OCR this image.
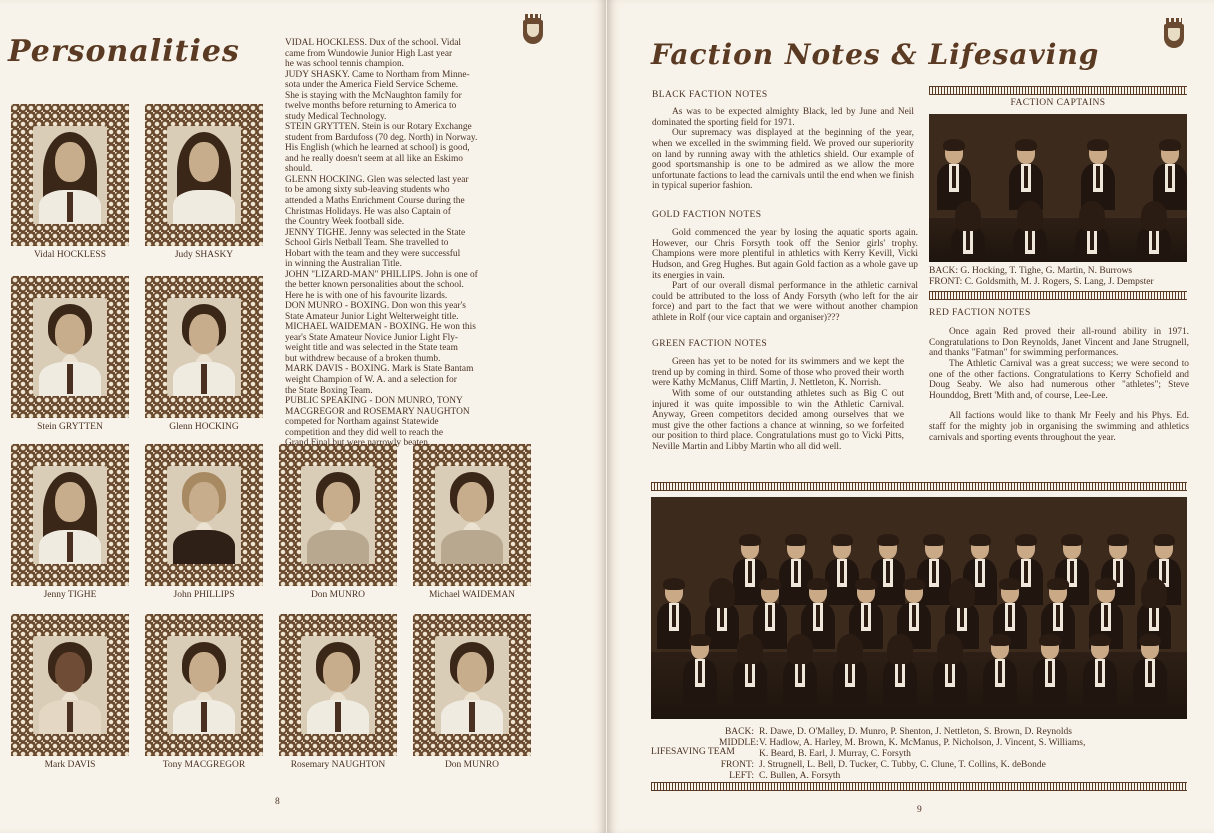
Personalities
Vidal HOCKLESS	Judy SHASKY
Stein GRYTTEN	Glenn HOCKING
Jenny TIGHE	John PHILLIPS	Don MUNRO	Michael WAIDEMAN
Mark DAVIS	Tony MACGREGOR	Rosemary NAUGHTON	Don MUNRO
VIDAL HOCKLESS. Dux of the school. Vidal
came from Wundowie Junior High Last year
he was school tennis champion.
JUDY SHASKY. Came to Northam from Minne-
sota under the America Field Service Scheme.
She is staying with the McNaughton family for
twelve months before returning to America to
study Medical Technology.
STEIN GRYTTEN. Stein is our Rotary Exchange
student from Bardufoss (70 deg. North) in Norway.
His English (which he learned at school) is good,
and he really doesn't seem at all like an Eskimo
should.
GLENN HOCKING. Glen was selected last year
to be among sixty sub-leaving students who
attended a Maths Enrichment Course during the
Christmas Holidays. He was also Captain of
the Country Week football side.
JENNY TIGHE. Jenny was selected in the State
School Girls Netball Team. She travelled to
Hobart with the team and they were successful
in winning the Australian Title.
JOHN "LIZARD-MAN" PHILLIPS. John is one of
the better known personalities about the school.
Here he is with one of his favourite lizards.
DON MUNRO - BOXING. Don won this year's
State Amateur Junior Light Welterweight title.
MICHAEL WAIDEMAN - BOXING. He won this
year's State Amateur Novice Junior Light Fly-
weight title and was selected in the State team
but withdrew because of a broken thumb.
MARK DAVIS - BOXING. Mark is State Bantam
weight Champion of W. A. and a selection for
the State Boxing Team.
PUBLIC SPEAKING - DON MUNRO, TONY
MACGREGOR and ROSEMARY NAUGHTON
competed for Northam against Statewide
competition and they did well to reach the
Grand Final but were narrowly beaten.
8
Faction Notes & Lifesaving
BLACK FACTION NOTES

As was to be expected almighty Black, led by June and Neil dominated the sporting field for 1971.

Our supremacy was displayed at the beginning of the year, when we excelled in the swimming field. We proved our superiority on land by running away with the athletics shield. Our example of good sportsmanship is one to be admired as we allow the more unfortunate factions to lead the carnivals until the end when we finish in typical superior fashion.

GOLD FACTION NOTES

Gold commenced the year by losing the aquatic sports again. However, our Chris Forsyth took off the Senior girls' trophy. Champions were more plentiful in athletics with Kerry Kevill, Vicki Hudson, and Greg Hughes. But again Gold faction as a whole gave up its energies in vain.

Part of our overall dismal performance in the athletic carnival could be attributed to the loss of Andy Forsyth (who left for the air force) and part to the fact that we were without another champion athlete in Rolf (our vice captain and organiser)???

GREEN FACTION NOTES

Green has yet to be noted for its swimmers and we kept the trend up by coming in third. Some of those who proved their worth were Kathy McManus, Cliff Martin, J. Nettleton, K. Norrish.

With some of our outstanding athletes such as Big C out injured it was quite impossible to win the Athletic Carnival. Anyway, Green competitors decided among ourselves that we must give the other factions a chance at winning, so we forfeited our position to third place. Congratulations must go to Vicki Pitts, Neville Martin and Libby Martin who all did well.

FACTION CAPTAINS
BACK: G. Hocking, T. Tighe, G. Martin, N. Burrows
FRONT: C. Goldsmith, M. J. Rogers, S. Lang, J. Dempster
RED FACTION NOTES

Once again Red proved their all-round ability in 1971. Congratulations to Don Reynolds, Janet Vincent and Jane Strugnell, and thanks "Fatman" for swimming performances.

The Athletic Carnival was a great success; we were second to one of the other factions. Congratulations to Kerry Schofield and Doug Seaby. We also had numerous other "athletes"; Steve Hounddog, Brett 'Mith and, of course, Lee-Lee.

All factions would like to thank Mr Feely and his Phys. Ed. staff for the mighty job in organising the swimming and athletics carnivals and sporting events throughout the year.

LIFESAVING TEAM
BACK: R. Dawe, D. O'Malley, D. Munro, P. Shenton, J. Nettleton, S. Brown, D. Reynolds
MIDDLE: V. Hadlow, A. Harley, M. Brown, K. McManus, P. Nicholson, J. Vincent, S. Williams,
K. Beard, B. Earl, J. Murray, C. Forsyth
FRONT: J. Strugnell, L. Bell, D. Tucker, C. Tubby, C. Clune, T. Collins, K. deBonde
LEFT: C. Bullen, A. Forsyth
9
